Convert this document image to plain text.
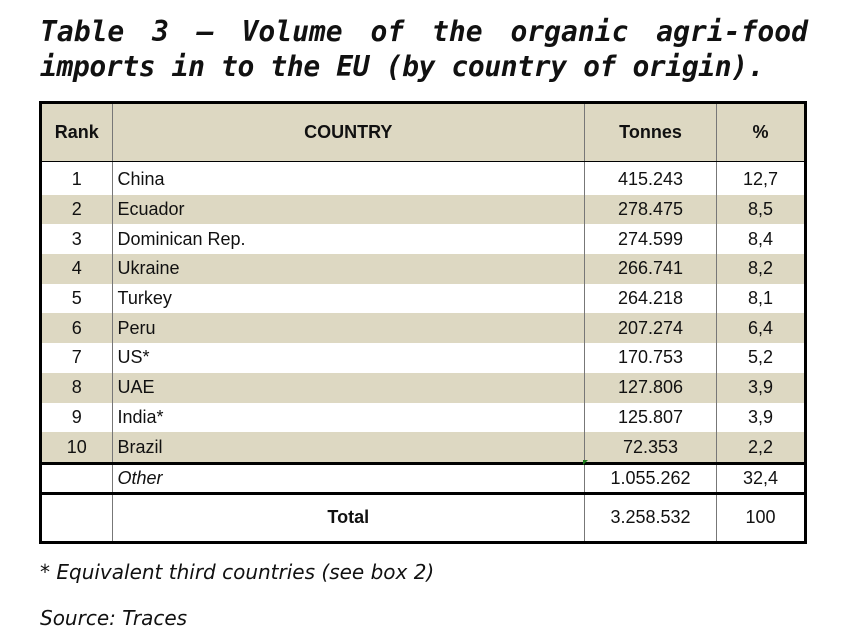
Table 3 – Volume of the organic agri-food
imports in to the EU (by country of origin).
Rank	COUNTRY	Tonnes	%
1	China	415.243	12,7
2	Ecuador	278.475	8,5
3	Dominican Rep.	274.599	8,4
4	Ukraine	266.741	8,2
5	Turkey	264.218	8,1
6	Peru	207.274	6,4
7	US*	170.753	5,2
8	UAE	127.806	3,9
9	India*	125.807	3,9
10	Brazil	72.353	2,2
	Other	1.055.262	32,4
	Total	3.258.532	100

* Equivalent third countries (see box 2)

Source: Traces
